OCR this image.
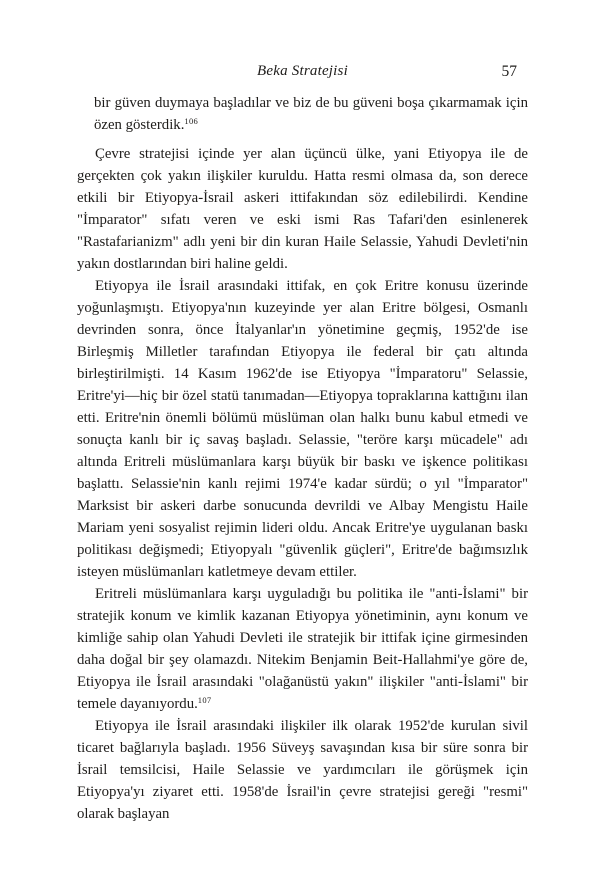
Beka Stratejisi	57

bir güven duymaya başladılar ve biz de bu güveni boşa çıkarmamak için özen gösterdik.$^{106}$

Çevre stratejisi içinde yer alan üçüncü ülke, yani Etiyopya ile de gerçekten çok yakın ilişkiler kuruldu. Hatta resmi olmasa da, son derece etkili bir Etiyopya-İsrail askeri ittifakından söz edilebilirdi. Kendine "İmparator" sıfatı veren ve eski ismi Ras Tafari'den esinlenerek "Rastafarianizm" adlı yeni bir din kuran Haile Selassie, Yahudi Devleti'nin yakın dostlarından biri haline geldi.

Etiyopya ile İsrail arasındaki ittifak, en çok Eritre konusu üzerinde yoğunlaşmıştı. Etiyopya'nın kuzeyinde yer alan Eritre bölgesi, Osmanlı devrinden sonra, önce İtalyanlar'ın yönetimine geçmiş, 1952'de ise Birleşmiş Milletler tarafından Etiyopya ile federal bir çatı altında birleştirilmişti. 14 Kasım 1962'de ise Etiyopya "İmparatoru" Selassie, Eritre'yi—hiç bir özel statü tanımadan—Etiyopya topraklarına kattığını ilan etti. Eritre'nin önemli bölümü müslüman olan halkı bunu kabul etmedi ve sonuçta kanlı bir iç savaş başladı. Selassie, "teröre karşı mücadele" adı altında Eritreli müslümanlara karşı büyük bir baskı ve işkence politikası başlattı. Selassie'nin kanlı rejimi 1974'e kadar sürdü; o yıl "İmparator" Marksist bir askeri darbe sonucunda devrildi ve Albay Mengistu Haile Mariam yeni sosyalist rejimin lideri oldu. Ancak Eritre'ye uygulanan baskı politikası değişmedi; Etiyopyalı "güvenlik güçleri", Eritre'de bağımsızlık isteyen müslümanları katletmeye devam ettiler.

Eritreli müslümanlara karşı uyguladığı bu politika ile "anti-İslami" bir stratejik konum ve kimlik kazanan Etiyopya yönetiminin, aynı konum ve kimliğe sahip olan Yahudi Devleti ile stratejik bir ittifak içine girmesinden daha doğal bir şey olamazdı. Nitekim Benjamin Beit-Hallahmi'ye göre de, Etiyopya ile İsrail arasındaki "olağanüstü yakın" ilişkiler "anti-İslami" bir temele dayanıyordu.$^{107}$

Etiyopya ile İsrail arasındaki ilişkiler ilk olarak 1952'de kurulan sivil ticaret bağlarıyla başladı. 1956 Süveyş savaşından kısa bir süre sonra bir İsrail temsilcisi, Haile Selassie ve yardımcıları ile görüşmek için Etiyopya'yı ziyaret etti. 1958'de İsrail'in çevre stratejisi gereği "resmi" olarak başlayan
